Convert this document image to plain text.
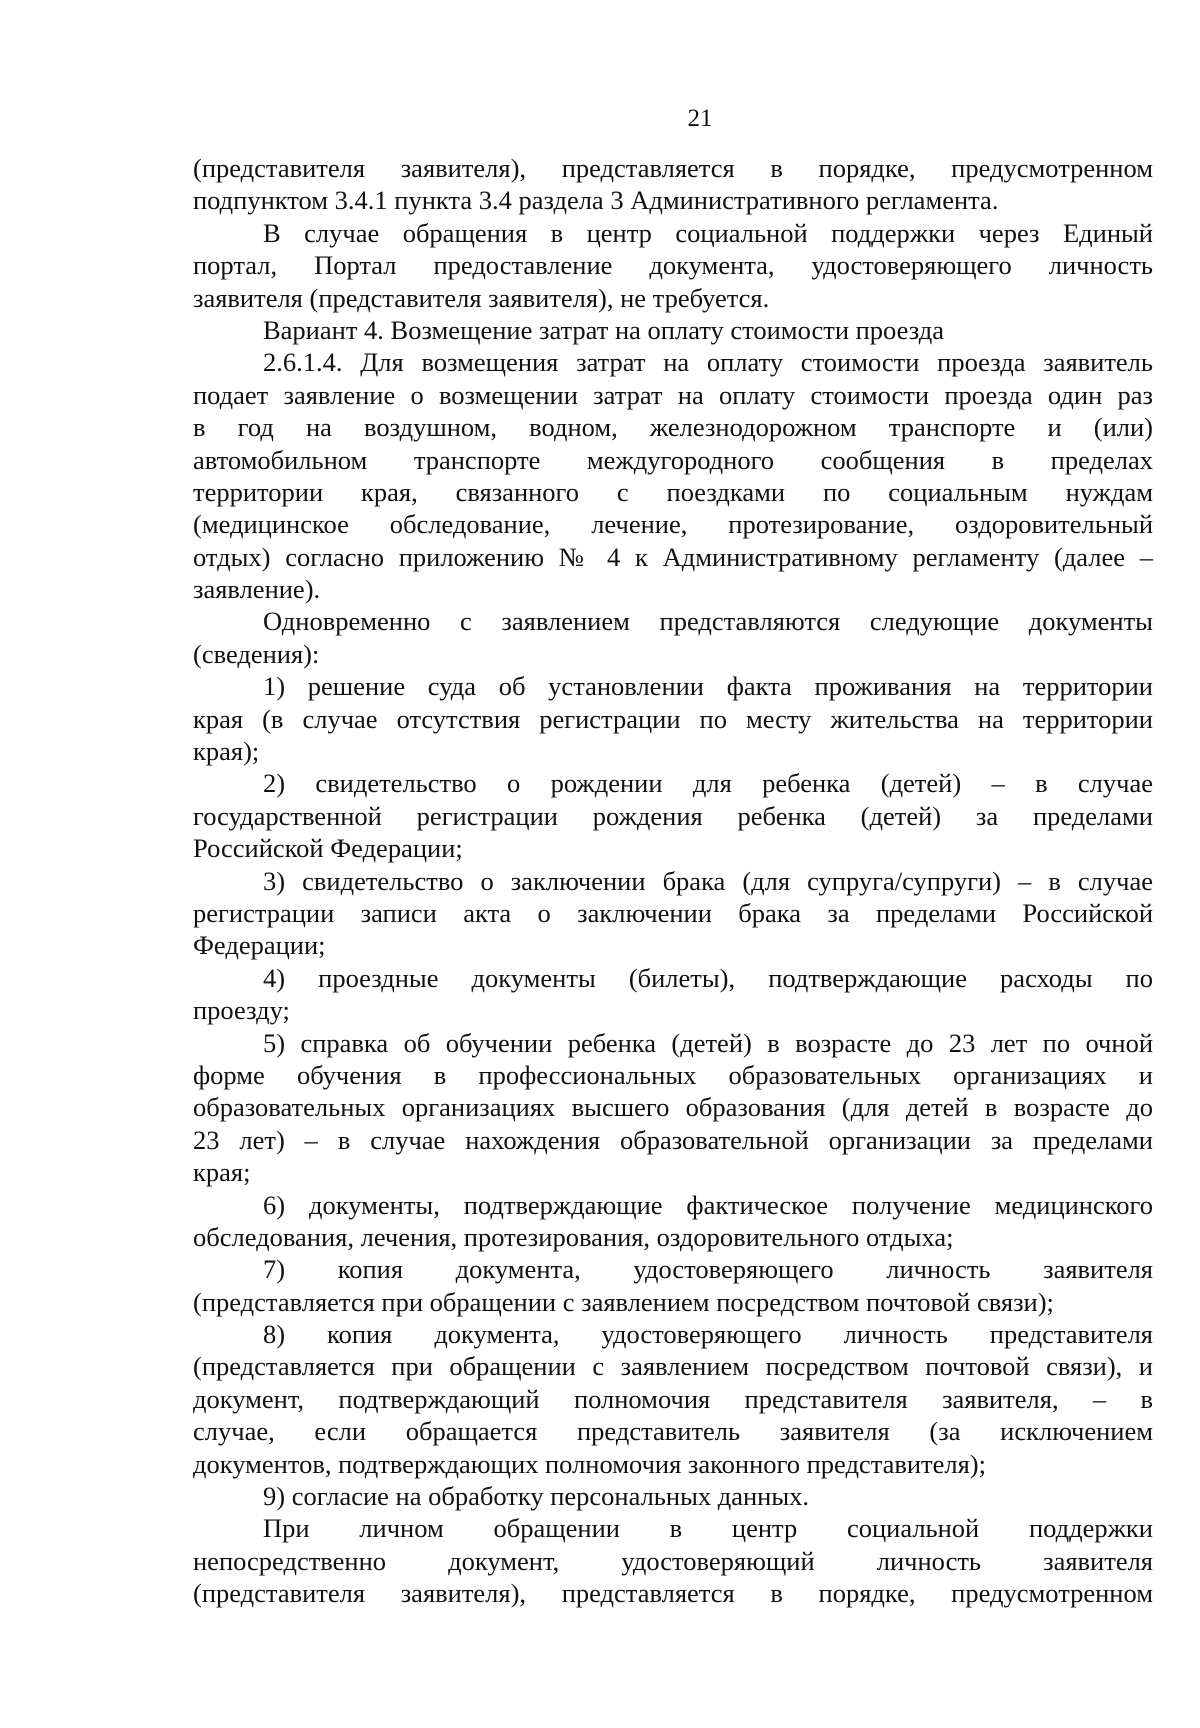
21
(представителя заявителя), представляется в порядке, предусмотренном
подпунктом 3.4.1 пункта 3.4 раздела 3 Административного регламента.
В случае обращения в центр социальной поддержки через Единый
портал, Портал предоставление документа, удостоверяющего личность
заявителя (представителя заявителя), не требуется.
Вариант 4. Возмещение затрат на оплату стоимости проезда
2.6.1.4. Для возмещения затрат на оплату стоимости проезда заявитель
подает заявление о возмещении затрат на оплату стоимости проезда один раз
в год на воздушном, водном, железнодорожном транспорте и (или)
автомобильном транспорте междугородного сообщения в пределах
территории края, связанного с поездками по социальным нуждам
(медицинское обследование, лечение, протезирование, оздоровительный
отдых) согласно приложению № 4 к Административному регламенту (далее –
заявление).
Одновременно с заявлением представляются следующие документы
(сведения):
1) решение суда об установлении факта проживания на территории
края (в случае отсутствия регистрации по месту жительства на территории
края);
2) свидетельство о рождении для ребенка (детей) – в случае
государственной регистрации рождения ребенка (детей) за пределами
Российской Федерации;
3) свидетельство о заключении брака (для супруга/супруги) – в случае
регистрации записи акта о заключении брака за пределами Российской
Федерации;
4) проездные документы (билеты), подтверждающие расходы по
проезду;
5) справка об обучении ребенка (детей) в возрасте до 23 лет по очной
форме обучения в профессиональных образовательных организациях и
образовательных организациях высшего образования (для детей в возрасте до
23 лет) – в случае нахождения образовательной организации за пределами
края;
6) документы, подтверждающие фактическое получение медицинского
обследования, лечения, протезирования, оздоровительного отдыха;
7) копия документа, удостоверяющего личность заявителя
(представляется при обращении с заявлением посредством почтовой связи);
8) копия документа, удостоверяющего личность представителя
(представляется при обращении с заявлением посредством почтовой связи), и
документ, подтверждающий полномочия представителя заявителя, – в
случае, если обращается представитель заявителя (за исключением
документов, подтверждающих полномочия законного представителя);
9) согласие на обработку персональных данных.
При личном обращении в центр социальной поддержки
непосредственно документ, удостоверяющий личность заявителя
(представителя заявителя), представляется в порядке, предусмотренном
